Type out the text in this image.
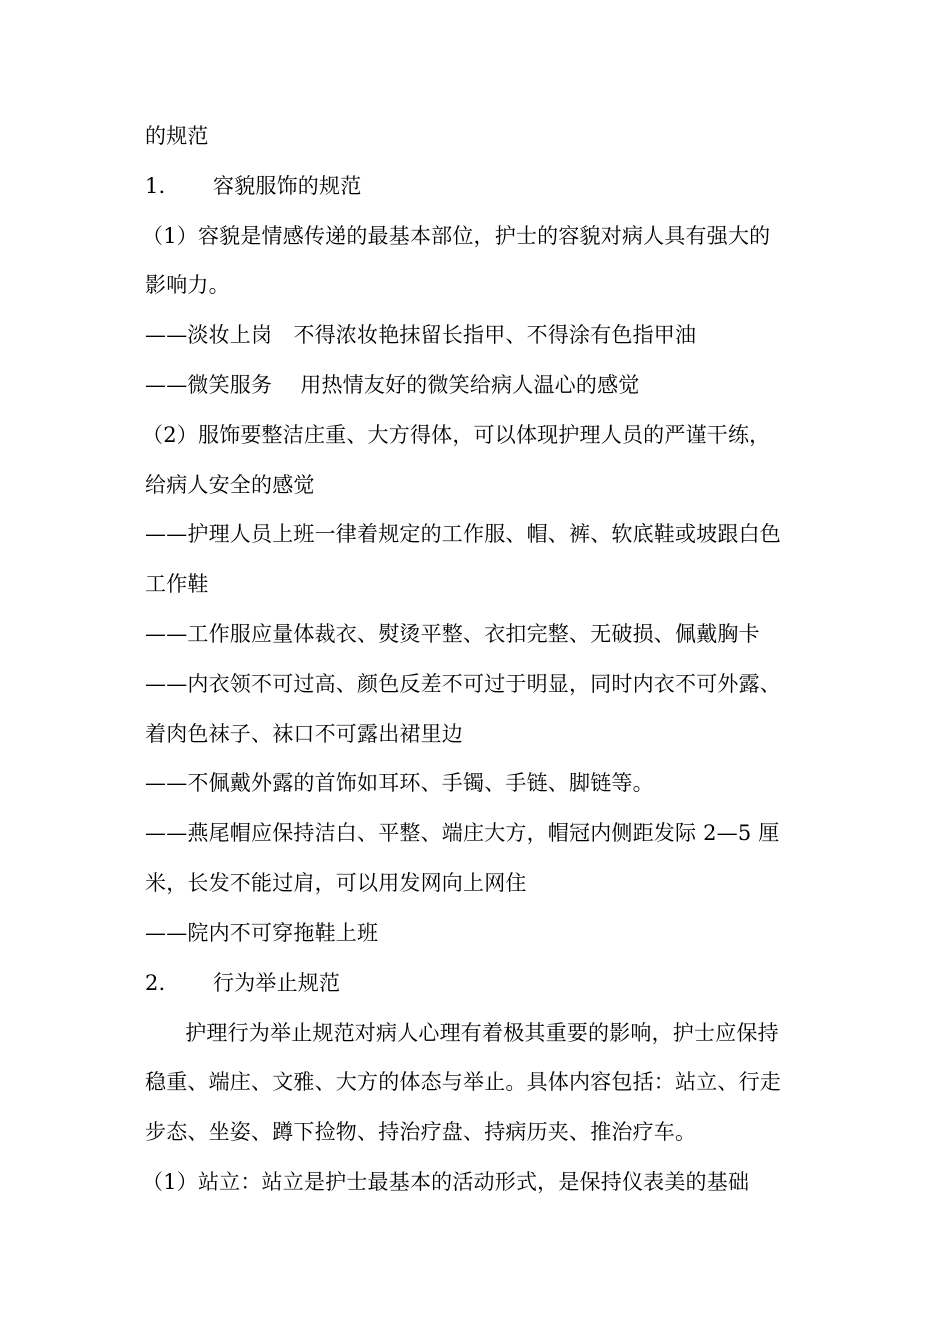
的规范
1. 容貌服饰的规范
（1）容貌是情感传递的最基本部位，护士的容貌对病人具有强大的
影响力。
——淡妆上岗　不得浓妆艳抹留长指甲、不得涂有色指甲油
——微笑服务　 用热情友好的微笑给病人温心的感觉
（2）服饰要整洁庄重、大方得体，可以体现护理人员的严谨干练，
给病人安全的感觉
——护理人员上班一律着规定的工作服、帽、裤、软底鞋或坡跟白色
工作鞋
——工作服应量体裁衣、熨烫平整、衣扣完整、无破损、佩戴胸卡
——内衣领不可过高、颜色反差不可过于明显，同时内衣不可外露、
着肉色袜子、袜口不可露出裙里边
——不佩戴外露的首饰如耳环、手镯、手链、脚链等。
——燕尾帽应保持洁白、平整、端庄大方，帽冠内侧距发际 2—5 厘
米，长发不能过肩，可以用发网向上网住
——院内不可穿拖鞋上班
2. 行为举止规范
　护理行为举止规范对病人心理有着极其重要的影响，护士应保持
稳重、端庄、文雅、大方的体态与举止。具体内容包括：站立、行走
步态、坐姿、蹲下捡物、持治疗盘、持病历夹、推治疗车。
（1）站立：站立是护士最基本的活动形式，是保持仪表美的基础
